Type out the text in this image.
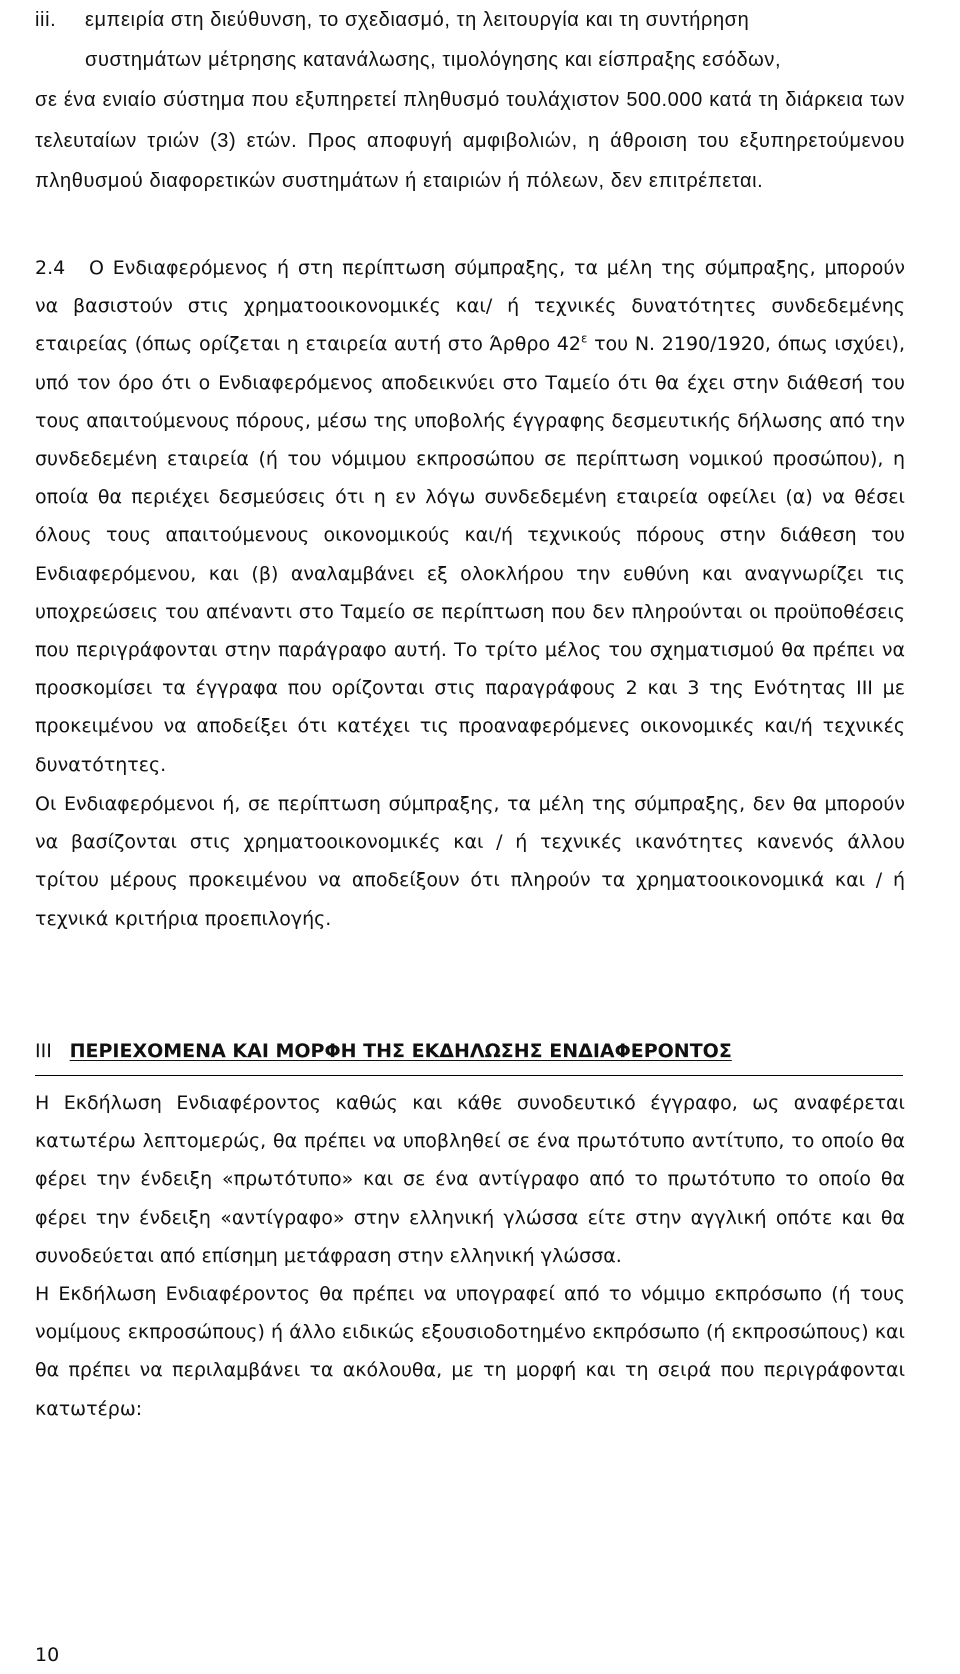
iii. εμπειρία στη διεύθυνση, το σχεδιασμό, τη λειτουργία και τη συντήρηση
συστημάτων μέτρησης κατανάλωσης, τιμολόγησης και είσπραξης εσόδων,
σε ένα ενιαίο σύστημα που εξυπηρετεί πληθυσμό τουλάχιστον 500.000 κατά τη διάρκεια των τελευταίων τριών (3) ετών. Προς αποφυγή αμφιβολιών, η άθροιση του εξυπηρετούμενου πληθυσμού διαφορετικών συστημάτων ή εταιριών ή πόλεων, δεν επιτρέπεται.

2.4 Ο Ενδιαφερόμενος ή στη περίπτωση σύμπραξης, τα μέλη της σύμπραξης, μπορούν να βασιστούν στις χρηματοοικονομικές και/ ή τεχνικές δυνατότητες συνδεδεμένης εταιρείας (όπως ορίζεται η εταιρεία αυτή στο Άρθρο $42^\varepsilon$ του Ν. 2190/1920, όπως ισχύει), υπό τον όρο ότι ο Ενδιαφερόμενος αποδεικνύει στο Ταμείο ότι θα έχει στην διάθεσή του τους απαιτούμενους πόρους, μέσω της υποβολής έγγραφης δεσμευτικής δήλωσης από την συνδεδεμένη εταιρεία (ή του νόμιμου εκπροσώπου σε περίπτωση νομικού προσώπου), η οποία θα περιέχει δεσμεύσεις ότι η εν λόγω συνδεδεμένη εταιρεία οφείλει (α) να θέσει όλους τους απαιτούμενους οικονομικούς και/ή τεχνικούς πόρους στην διάθεση του Ενδιαφερόμενου, και (β) αναλαμβάνει εξ ολοκλήρου την ευθύνη και αναγνωρίζει τις υποχρεώσεις του απέναντι στο Ταμείο σε περίπτωση που δεν πληρούνται οι προϋποθέσεις που περιγράφονται στην παράγραφο αυτή. Το τρίτο μέλος του σχηματισμού θα πρέπει να προσκομίσει τα έγγραφα που ορίζονται στις παραγράφους 2 και 3 της Ενότητας ΙΙΙ με προκειμένου να αποδείξει ότι κατέχει τις προαναφερόμενες οικονομικές και/ή τεχνικές δυνατότητες.

Οι Ενδιαφερόμενοι ή, σε περίπτωση σύμπραξης, τα μέλη της σύμπραξης, δεν θα μπορούν να βασίζονται στις χρηματοοικονομικές και / ή τεχνικές ικανότητες κανενός άλλου τρίτου μέρους προκειμένου να αποδείξουν ότι πληρούν τα χρηματοοικονομικά και / ή τεχνικά κριτήρια προεπιλογής.

ΙΙΙ ΠΕΡΙΕΧΟΜΕΝΑ ΚΑΙ ΜΟΡΦΗ ΤΗΣ ΕΚΔΗΛΩΣΗΣ ΕΝΔΙΑΦΕΡΟΝΤΟΣ

Η Εκδήλωση Ενδιαφέροντος καθώς και κάθε συνοδευτικό έγγραφο, ως αναφέρεται κατωτέρω λεπτομερώς, θα πρέπει να υποβληθεί σε ένα πρωτότυπο αντίτυπο, το οποίο θα φέρει την ένδειξη «πρωτότυπο» και σε ένα αντίγραφο από το πρωτότυπο το οποίο θα φέρει την ένδειξη «αντίγραφο» στην ελληνική γλώσσα είτε στην αγγλική οπότε και θα συνοδεύεται από επίσημη μετάφραση στην ελληνική γλώσσα.

Η Εκδήλωση Ενδιαφέροντος θα πρέπει να υπογραφεί από το νόμιμο εκπρόσωπο (ή τους νομίμους εκπροσώπους) ή άλλο ειδικώς εξουσιοδοτημένο εκπρόσωπο (ή εκπροσώπους) και θα πρέπει να περιλαμβάνει τα ακόλουθα, με τη μορφή και τη σειρά που περιγράφονται κατωτέρω:

10
